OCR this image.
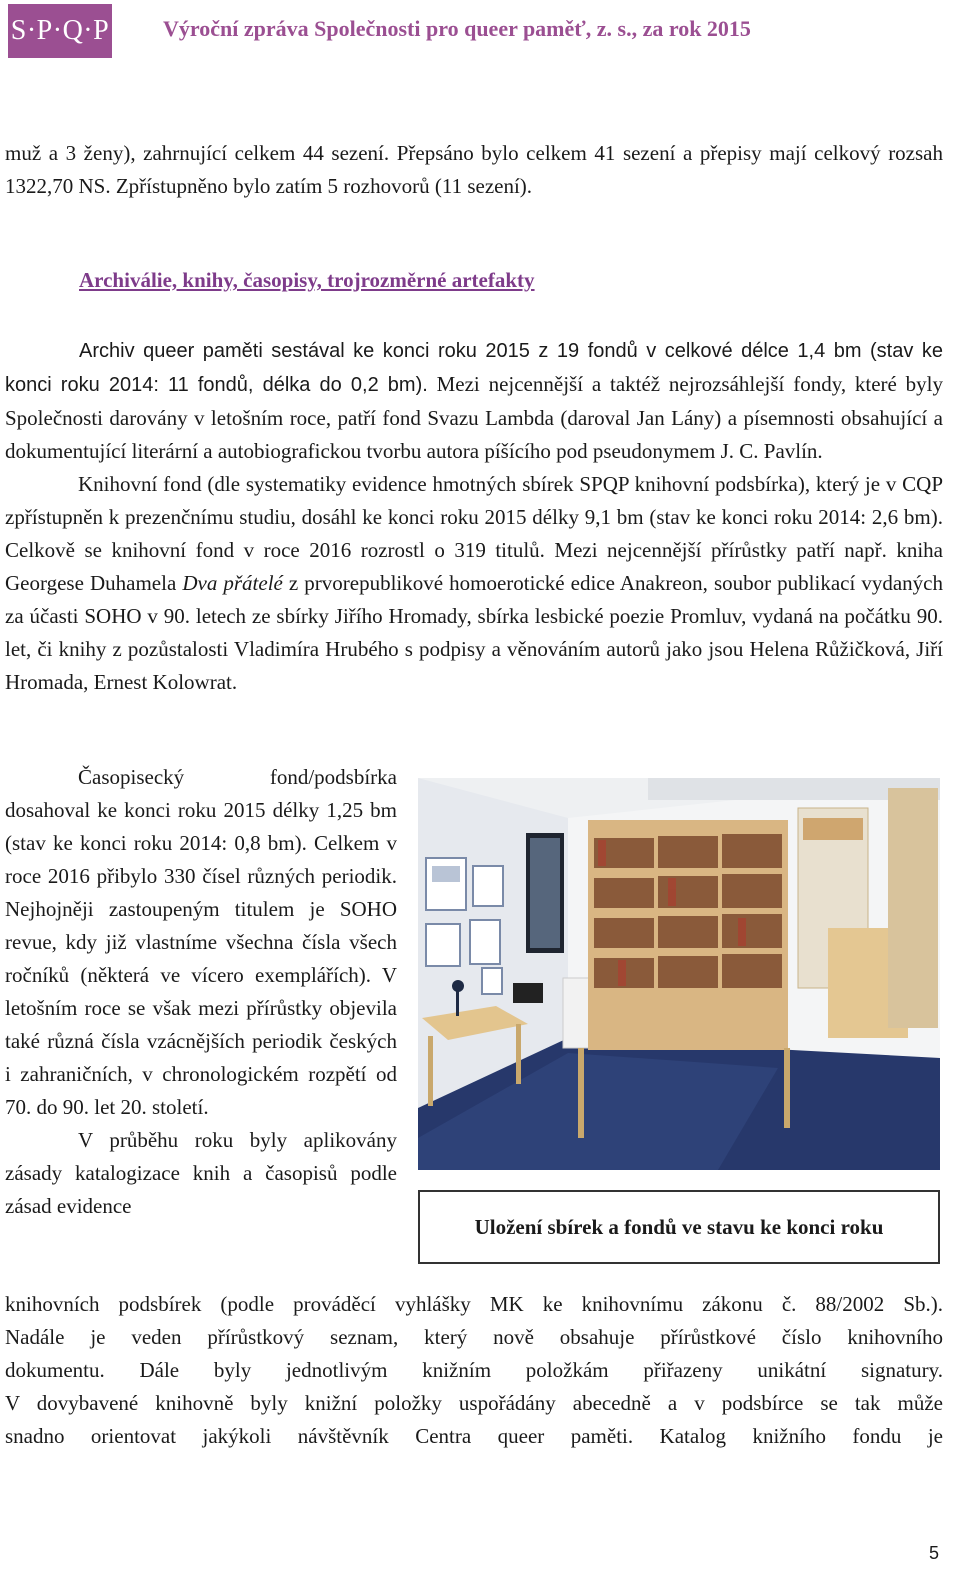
S·P·Q·P Výroční zpráva Společnosti pro queer paměť, z. s., za rok 2015
muž a 3 ženy), zahrnující celkem 44 sezení. Přepsáno bylo celkem 41 sezení a přepisy mají celkový rozsah 1322,70 NS. Zpřístupněno bylo zatím 5 rozhovorů (11 sezení).
Archiválie, knihy, časopisy, trojrozměrné artefakty

Archiv queer paměti sestával ke konci roku 2015 z 19 fondů v celkové délce 1,4 bm (stav ke konci roku 2014: 11 fondů, délka do 0,2 bm). Mezi nejcennější a taktéž nejrozsáhlejší fondy, které byly Společnosti darovány v letošním roce, patří fond Svazu Lambda (daroval Jan Lány) a písemnosti obsahující a dokumentující literární a autobiografickou tvorbu autora píšícího pod pseudonymem J. C. Pavlín.

Knihovní fond (dle systematiky evidence hmotných sbírek SPQP knihovní podsbírka), který je v CQP zpřístupněn k prezenčnímu studiu, dosáhl ke konci roku 2015 délky 9,1 bm (stav ke konci roku 2014: 2,6 bm). Celkově se knihovní fond v roce 2016 rozrostl o 319 titulů. Mezi nejcennější přírůstky patří např. kniha Georgese Duhamela Dva přátelé z prvorepublikové homoerotické edice Anakreon, soubor publikací vydaných za účasti SOHO v 90. letech ze sbírky Jiřího Hromady, sbírka lesbické poezie Promluv, vydaná na počátku 90. let, či knihy z pozůstalosti Vladimíra Hrubého s podpisy a věnováním autorů jako jsou Helena Růžičková, Jiří Hromada, Ernest Kolowrat.

Časopisecký fond/podsbírka dosahoval ke konci roku 2015 délky 1,25 bm (stav ke konci roku 2014: 0,8 bm). Celkem v roce 2016 přibylo 330 čísel různých periodik. Nejhojněji zastoupeným titulem je SOHO revue, kdy již vlastníme všechna čísla všech ročníků (některá ve vícero exemplářích). V letošním roce se však mezi přírůstky objevila také různá čísla vzácnějších periodik českých i zahraničních, v chronologickém rozpětí od 70. do 90. let 20. století.

V průběhu roku byly aplikovány zásady katalogizace knih a časopisů podle zásad evidence

Uložení sbírek a fondů ve stavu ke konci roku

knihovních podsbírek (podle prováděcí vyhlášky MK ke knihovnímu zákonu č. 88/2002 Sb.).

Nadále je veden přírůstkový seznam, který nově obsahuje přírůstkové číslo knihovního

dokumentu. Dále byly jednotlivým knižním položkám přiřazeny unikátní signatury.

V dovybavené knihovně byly knižní položky uspořádány abecedně a v podsbírce se tak může

snadno orientovat jakýkoli návštěvník Centra queer paměti. Katalog knižního fondu je

5
